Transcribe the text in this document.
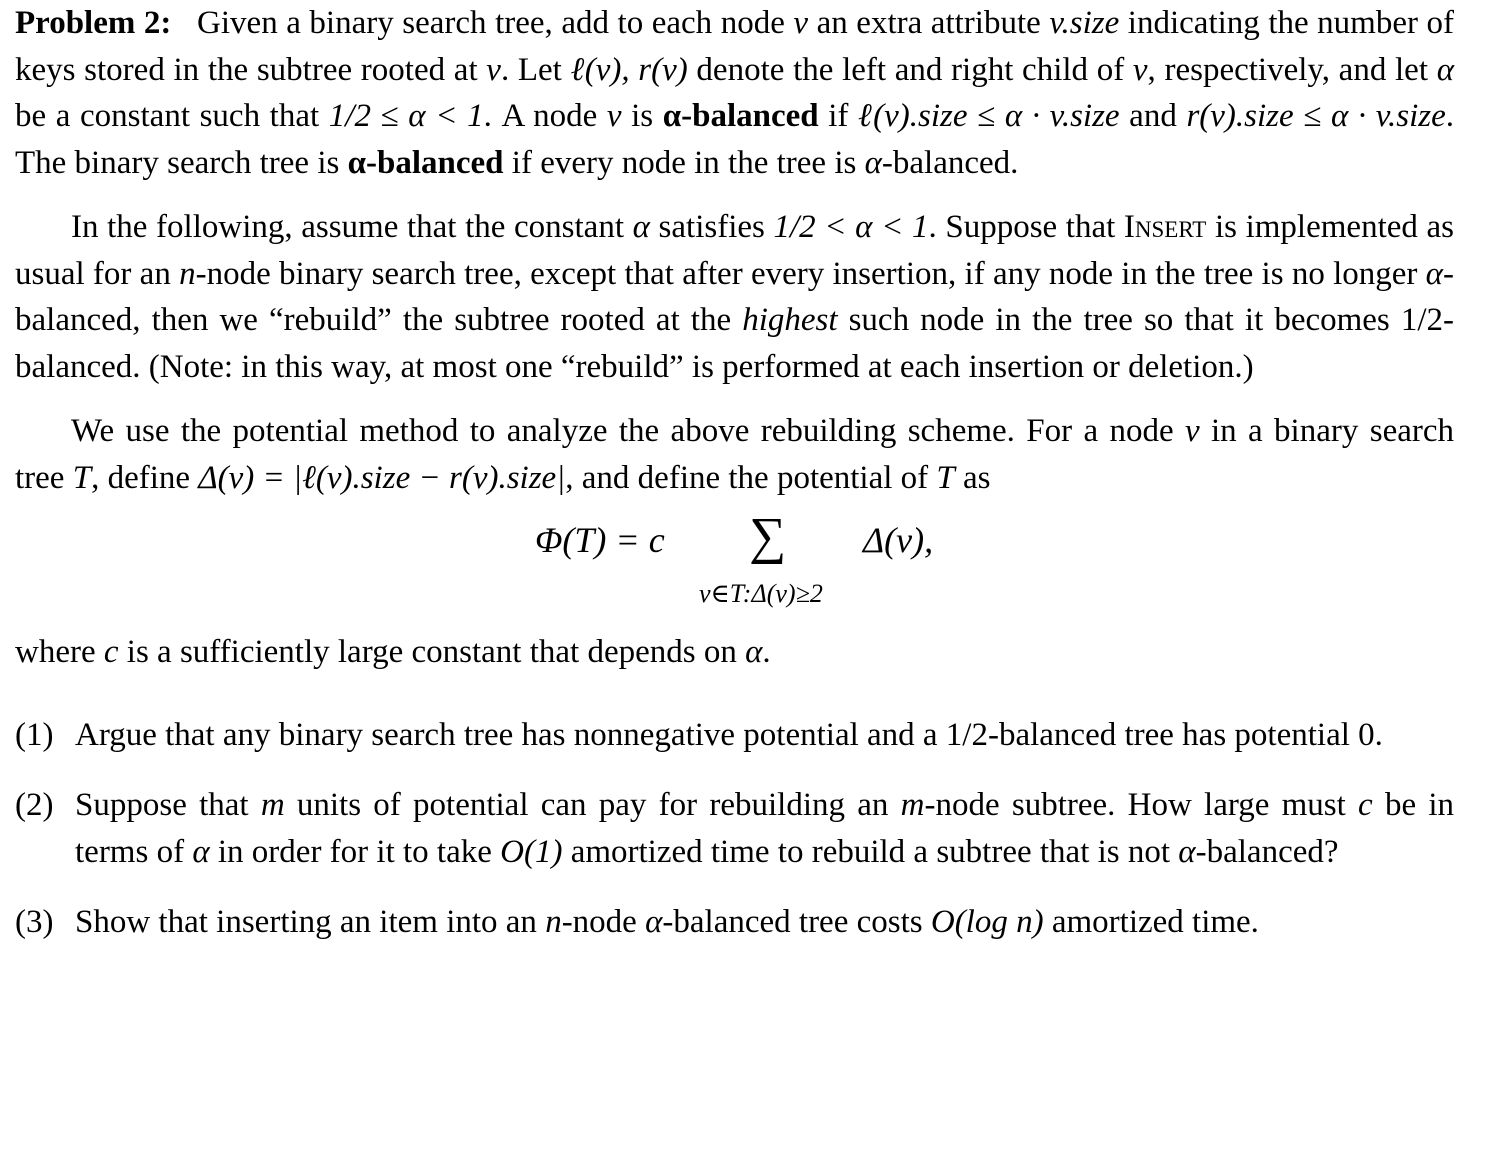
Problem 2: Given a binary search tree, add to each node v an extra attribute v.size indicating the number of keys stored in the subtree rooted at v. Let ℓ(v), r(v) denote the left and right child of v, respectively, and let α be a constant such that 1/2 ≤ α < 1. A node v is α-balanced if ℓ(v).size ≤ α · v.size and r(v).size ≤ α · v.size. The binary search tree is α-balanced if every node in the tree is α-balanced.

In the following, assume that the constant α satisfies 1/2 < α < 1. Suppose that Insert is implemented as usual for an n-node binary search tree, except that after every insertion, if any node in the tree is no longer α-balanced, then we “rebuild” the subtree rooted at the highest such node in the tree so that it becomes 1/2-balanced. (Note: in this way, at most one “rebuild” is performed at each insertion or deletion.)

We use the potential method to analyze the above rebuilding scheme. For a node v in a binary search tree T, define Δ(v) = |ℓ(v).size − r(v).size|, and define the potential of T as

Φ(T) = c ∑ Δ(v),
v∈T:Δ(v)≥2

where c is a sufficiently large constant that depends on α.

(1) Argue that any binary search tree has nonnegative potential and a 1/2-balanced tree has potential 0.
(2) Suppose that m units of potential can pay for rebuilding an m-node subtree. How large must c be in terms of α in order for it to take O(1) amortized time to rebuild a subtree that is not α-balanced?
(3) Show that inserting an item into an n-node α-balanced tree costs O(log n) amortized time.
